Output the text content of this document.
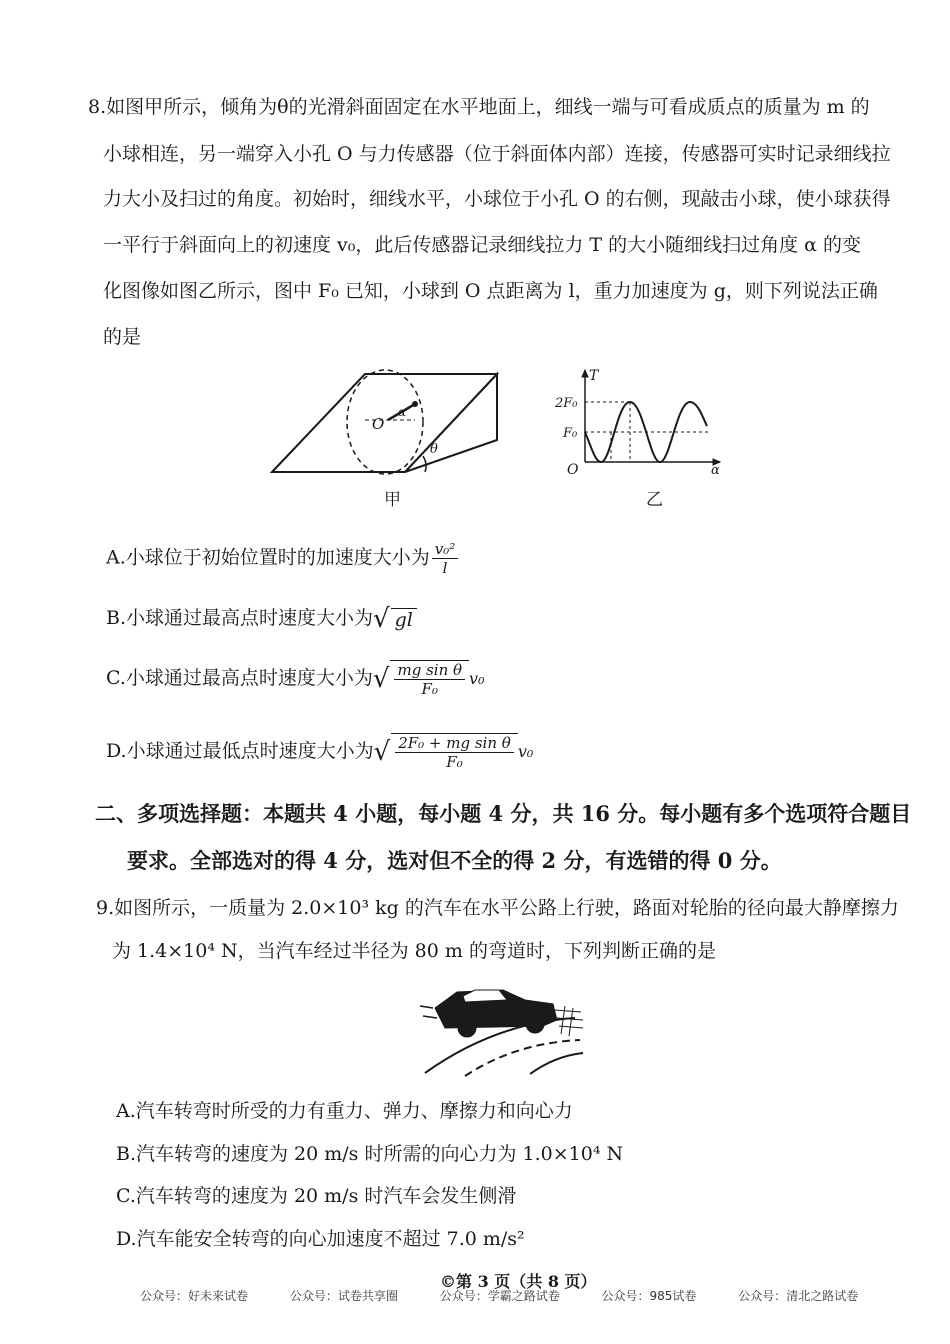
8.如图甲所示，倾角为θ的光滑斜面固定在水平地面上，细线一端与可看成质点的质量为 m 的
小球相连，另一端穿入小孔 O 与力传感器（位于斜面体内部）连接，传感器可实时记录细线拉
力大小及扫过的角度。初始时，细线水平，小球位于小孔 O 的右侧，现敲击小球，使小球获得
一平行于斜面向上的初速度 v₀，此后传感器记录细线拉力 T 的大小随细线扫过角度 α 的变
化图像如图乙所示，图中 F₀ 已知，小球到 O 点距离为 l，重力加速度为 g，则下列说法正确
的是
O
α
θ
甲
T
α
O
2F₀
F₀
乙
A.小球位于初始位置时的加速度大小为 $\frac{\text{v₀²}}{l}$
B.小球通过最高点时速度大小为√ gl
C.小球通过最高点时速度大小为√ $\frac{\text{mg sin θ}}{\text{F₀}} v_0$
D.小球通过最低点时速度大小为√ $\frac{\text{2F₀ + mg sin θ}}{\text{F₀}} v_0$
二、多项选择题：本题共 4 小题，每小题 4 分，共 16 分。每小题有多个选项符合题目
要求。全部选对的得 4 分，选对但不全的得 2 分，有选错的得 0 分。
9.如图所示，一质量为 2.0×10³ kg 的汽车在水平公路上行驶，路面对轮胎的径向最大静摩擦力
为 1.4×10⁴ N，当汽车经过半径为 80 m 的弯道时，下列判断正确的是
A.汽车转弯时所受的力有重力、弹力、摩擦力和向心力
B.汽车转弯的速度为 20 m/s 时所需的向心力为 1.0×10⁴ N
C.汽车转弯的速度为 20 m/s 时汽车会发生侧滑
D.汽车能安全转弯的向心加速度不超过 7.0 m/s²
©第 3 页（共 8 页）
公众号：好未来试卷	公众号：试卷共享圈	公众号：学霸之路试卷	公众号：985试卷	公众号：清北之路试卷
